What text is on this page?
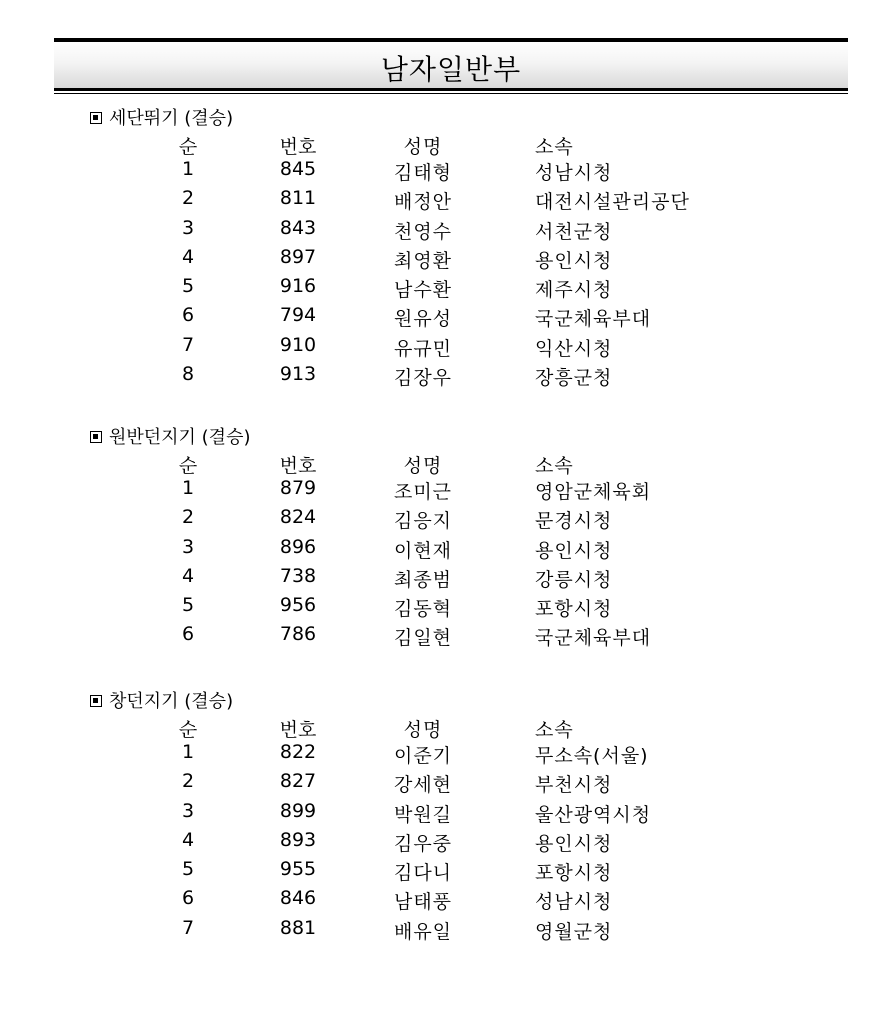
남자일반부
세단뛰기 (결승)
순	번호	성명	소속
1	845	김태형	성남시청
2	811	배정안	대전시설관리공단
3	843	천영수	서천군청
4	897	최영환	용인시청
5	916	남수환	제주시청
6	794	원유성	국군체육부대
7	910	유규민	익산시청
8	913	김장우	장흥군청
원반던지기 (결승)
순	번호	성명	소속
1	879	조미근	영암군체육회
2	824	김응지	문경시청
3	896	이현재	용인시청
4	738	최종범	강릉시청
5	956	김동혁	포항시청
6	786	김일현	국군체육부대
창던지기 (결승)
순	번호	성명	소속
1	822	이준기	무소속(서울)
2	827	강세현	부천시청
3	899	박원길	울산광역시청
4	893	김우중	용인시청
5	955	김다니	포항시청
6	846	남태풍	성남시청
7	881	배유일	영월군청
